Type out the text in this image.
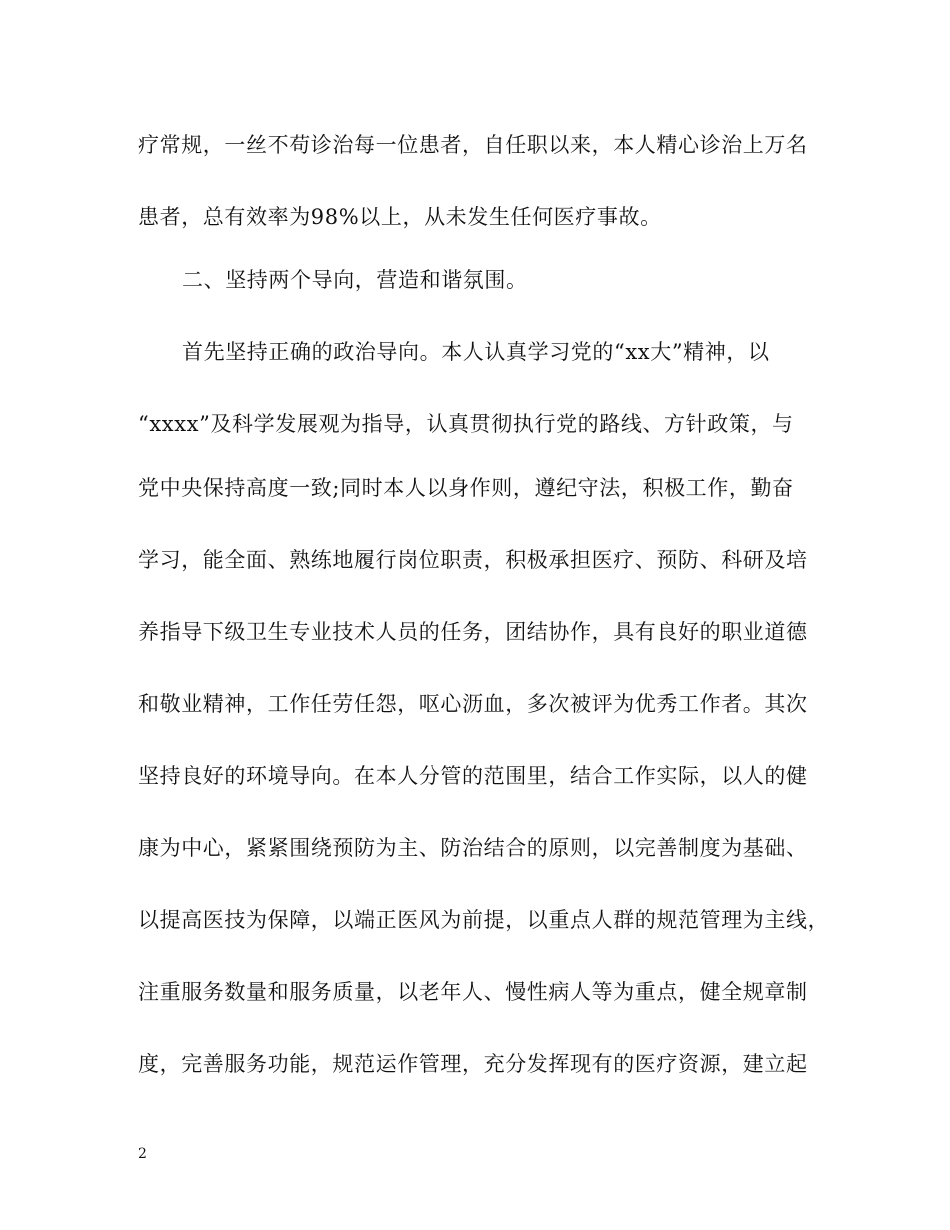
疗常规，一丝不苟诊治每一位患者，自任职以来，本人精心诊治上万名
患者，总有效率为98%以上，从未发生任何医疗事故。
二、坚持两个导向，营造和谐氛围。
首先坚持正确的政治导向。本人认真学习党的“xx大”精神，以
“xxxx”及科学发展观为指导，认真贯彻执行党的路线、方针政策，与
党中央保持高度一致;同时本人以身作则，遵纪守法，积极工作，勤奋
学习，能全面、熟练地履行岗位职责，积极承担医疗、预防、科研及培
养指导下级卫生专业技术人员的任务，团结协作，具有良好的职业道德
和敬业精神，工作任劳任怨，呕心沥血，多次被评为优秀工作者。其次
坚持良好的环境导向。在本人分管的范围里，结合工作实际，以人的健
康为中心，紧紧围绕预防为主、防治结合的原则，以完善制度为基础、
以提高医技为保障，以端正医风为前提，以重点人群的规范管理为主线，
注重服务数量和服务质量，以老年人、慢性病人等为重点，健全规章制
度，完善服务功能，规范运作管理，充分发挥现有的医疗资源，建立起
2
